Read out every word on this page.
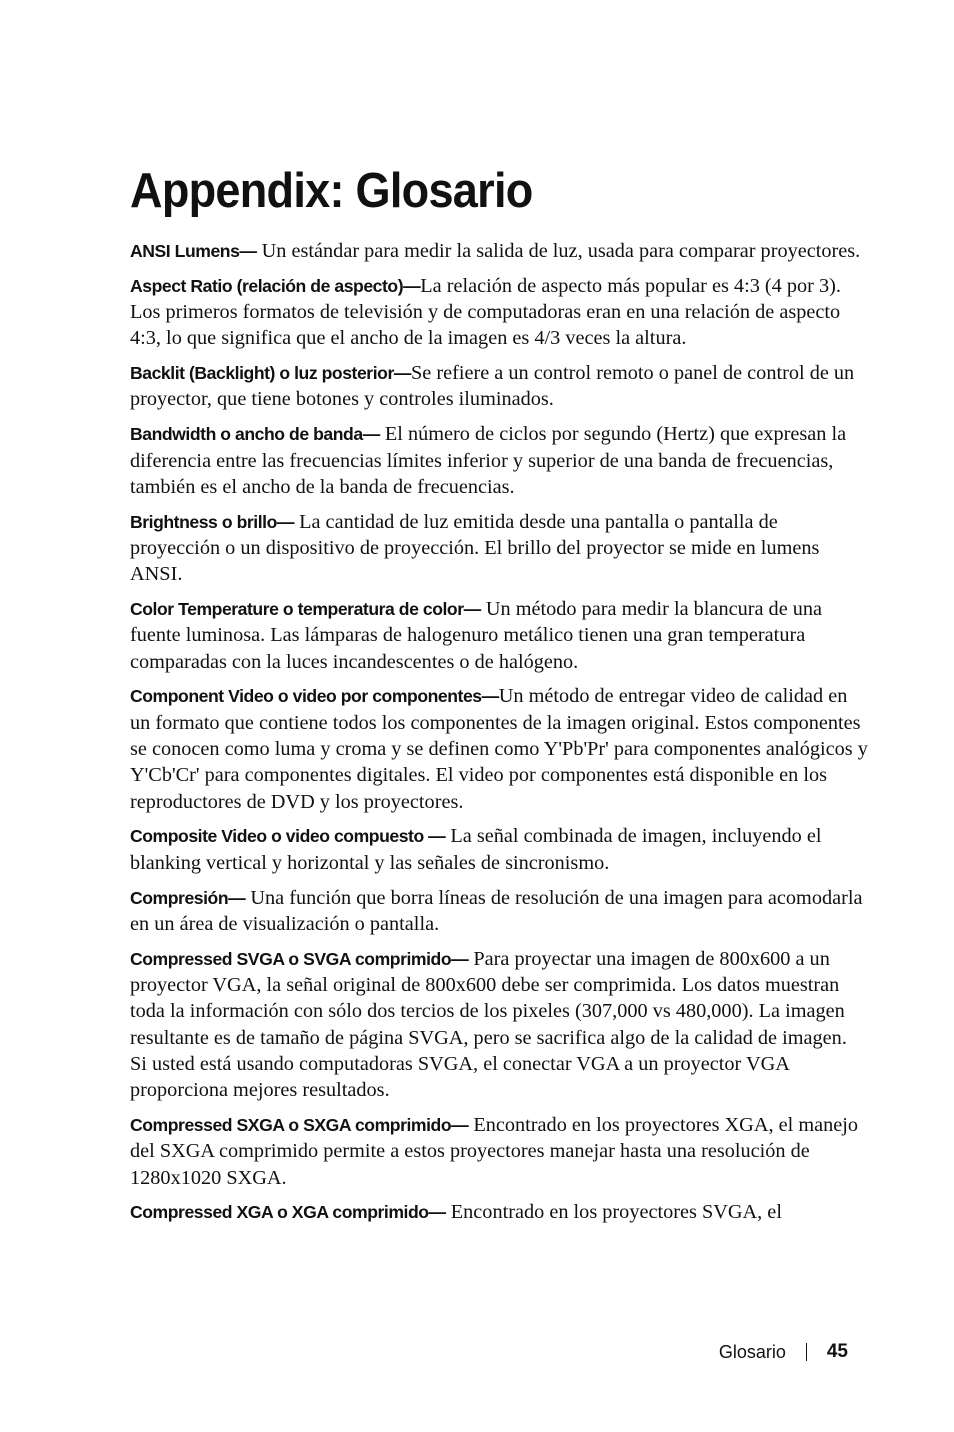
Appendix: Glosario

ANSI Lumens— Un estándar para medir la salida de luz, usada para comparar proyectores.

Aspect Ratio (relación de aspecto)—La relación de aspecto más popular es 4:3 (4 por 3). Los primeros formatos de televisión y de computadoras eran en una relación de aspecto 4:3, lo que significa que el ancho de la imagen es 4/3 veces la altura.

Backlit (Backlight) o luz posterior—Se refiere a un control remoto o panel de control de un proyector, que tiene botones y controles iluminados.

Bandwidth o ancho de banda— El número de ciclos por segundo (Hertz) que expresan la diferencia entre las frecuencias límites inferior y superior de una banda de frecuencias, también es el ancho de la banda de frecuencias.

Brightness o brillo— La cantidad de luz emitida desde una pantalla o pantalla de proyección o un dispositivo de proyección. El brillo del proyector se mide en lumens ANSI.

Color Temperature o temperatura de color— Un método para medir la blancura de una fuente luminosa. Las lámparas de halogenuro metálico tienen una gran temperatura comparadas con la luces incandescentes o de halógeno.

Component Video o video por componentes—Un método de entregar video de calidad en un formato que contiene todos los componentes de la imagen original. Estos componentes se conocen como luma y croma y se definen como Y'Pb'Pr' para componentes analógicos y Y'Cb'Cr' para componentes digitales. El video por componentes está disponible en los reproductores de DVD y los proyectores.

Composite Video o video compuesto — La señal combinada de imagen, incluyendo el blanking vertical y horizontal y las señales de sincronismo.

Compresión— Una función que borra líneas de resolución de una imagen para acomodarla en un área de visualización o pantalla.

Compressed SVGA o SVGA comprimido— Para proyectar una imagen de 800x600 a un proyector VGA, la señal original de 800x600 debe ser comprimida. Los datos muestran toda la información con sólo dos tercios de los pixeles (307,000 vs 480,000). La imagen resultante es de tamaño de página SVGA, pero se sacrifica algo de la calidad de imagen. Si usted está usando computadoras SVGA, el conectar VGA a un proyector VGA proporciona mejores resultados.

Compressed SXGA o SXGA comprimido— Encontrado en los proyectores XGA, el manejo del SXGA comprimido permite a estos proyectores manejar hasta una resolución de 1280x1020 SXGA.

Compressed XGA o XGA comprimido— Encontrado en los proyectores SVGA, el

Glosario 45
